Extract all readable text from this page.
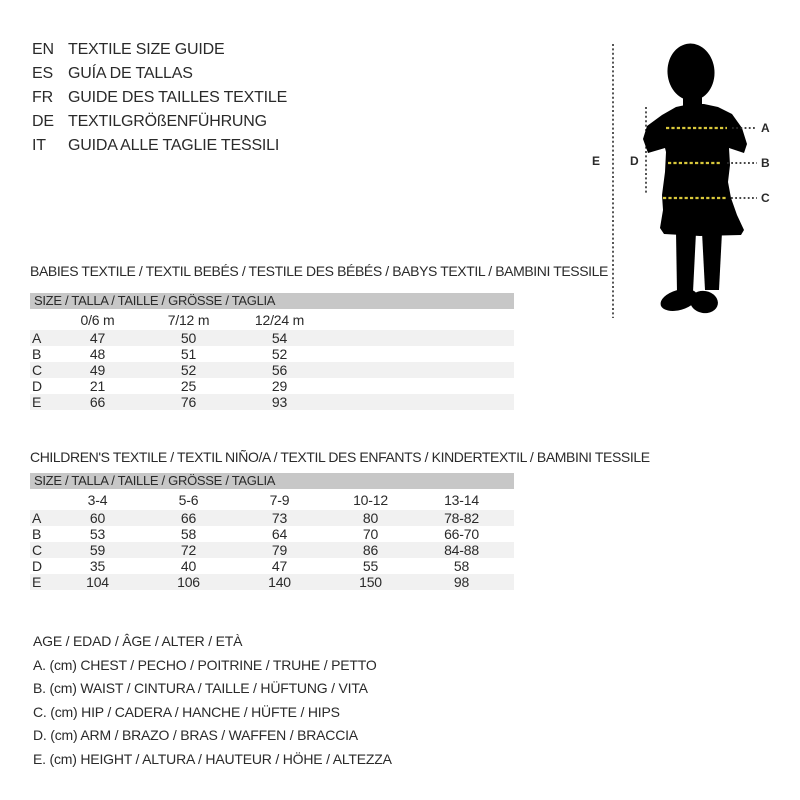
EN TEXTILE SIZE GUIDE
ES GUÍA DE TALLAS
FR GUIDE DES TAILLES TEXTILE
DE TEXTILGRÖßENFÜHRUNG
IT	GUIDA ALLE TAGLIE TESSILI
A
B
C
D
E
BABIES TEXTILE / TEXTIL BEBÉS / TESTILE DES BÉBÉS / BABYS TEXTIL / BAMBINI TESSILE
SIZE / TALLA / TAILLE / GRÖSSE / TAGLIA
	0/6 m	7/12 m	12/24 m	
A	47	50	54	
B	48	51	52	
C	49	52	56	
D	21	25	29	
E	66	76	93	
CHILDREN'S TEXTILE / TEXTIL NIÑO/A / TEXTIL DES ENFANTS / KINDERTEXTIL / BAMBINI TESSILE
SIZE / TALLA / TAILLE / GRÖSSE / TAGLIA
	3-4	5-6	7-9	10-12	13-14	
A	60	66	73	80	78-82	
B	53	58	64	70	66-70	
C	59	72	79	86	84-88	
D	35	40	47	55	58	
E	104	106	140	150	98	
AGE / EDAD / ÂGE / ALTER / ETÀ
A. (cm) CHEST / PECHO / POITRINE / TRUHE / PETTO
B. (cm) WAIST / CINTURA / TAILLE / HÜFTUNG / VITA
C. (cm) HIP / CADERA / HANCHE / HÜFTE / HIPS
D. (cm) ARM / BRAZO / BRAS / WAFFEN / BRACCIA
E. (cm) HEIGHT / ALTURA / HAUTEUR / HÖHE / ALTEZZA
